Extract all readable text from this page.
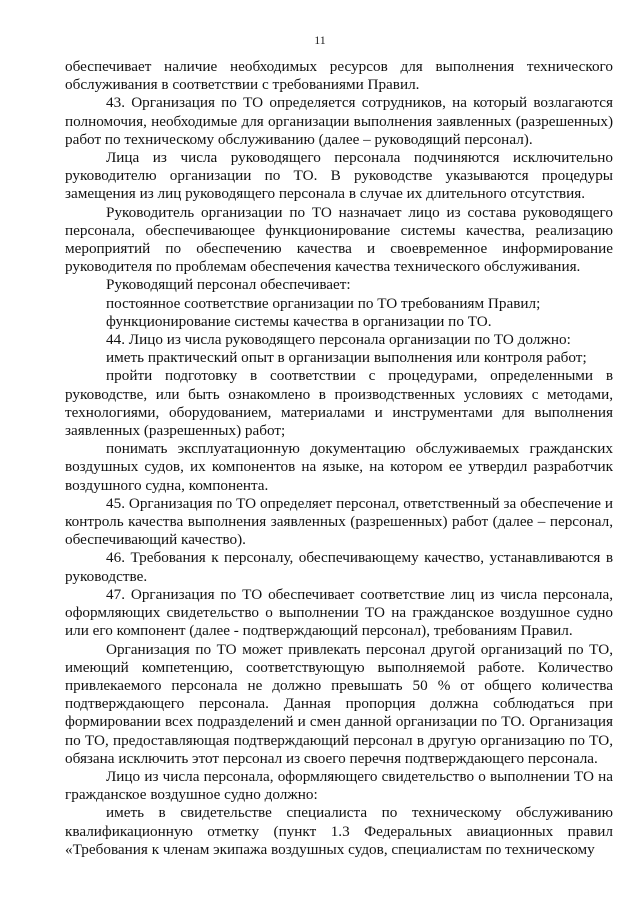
11

обеспечивает наличие необходимых ресурсов для выполнения технического обслуживания в соответствии с требованиями Правил.

43. Организация по ТО определяется сотрудников, на который возлагаются полномочия, необходимые для организации выполнения заявленных (разрешенных) работ по техническому обслуживанию (далее – руководящий персонал).

Лица из числа руководящего персонала подчиняются исключительно руководителю организации по ТО. В руководстве указываются процедуры замещения из лиц руководящего персонала в случае их длительного отсутствия.

Руководитель организации по ТО назначает лицо из состава руководящего персонала, обеспечивающее функционирование системы качества, реализацию мероприятий по обеспечению качества и своевременное информирование руководителя по проблемам обеспечения качества технического обслуживания.

Руководящий персонал обеспечивает:

постоянное соответствие организации по ТО требованиям Правил;

функционирование системы качества в организации по ТО.

44. Лицо из числа руководящего персонала организации по ТО должно:

иметь практический опыт в организации выполнения или контроля работ;

пройти подготовку в соответствии с процедурами, определенными в руководстве, или быть ознакомлено в производственных условиях с методами, технологиями, оборудованием, материалами и инструментами для выполнения заявленных (разрешенных) работ;

понимать эксплуатационную документацию обслуживаемых гражданских воздушных судов, их компонентов на языке, на котором ее утвердил разработчик воздушного судна, компонента.

45. Организация по ТО определяет персонал, ответственный за обеспечение и контроль качества выполнения заявленных (разрешенных) работ (далее – персонал, обеспечивающий качество).

46. Требования к персоналу, обеспечивающему качество, устанавливаются в руководстве.

47. Организация по ТО обеспечивает соответствие лиц из числа персонала, оформляющих свидетельство о выполнении ТО на гражданское воздушное судно или его компонент (далее - подтверждающий персонал), требованиям Правил.

Организация по ТО может привлекать персонал другой организаций по ТО, имеющий компетенцию, соответствующую выполняемой работе. Количество привлекаемого персонала не должно превышать 50 % от общего количества подтверждающего персонала. Данная пропорция должна соблюдаться при формировании всех подразделений и смен данной организации по ТО. Организация по ТО, предоставляющая подтверждающий персонал в другую организацию по ТО, обязана исключить этот персонал из своего перечня подтверждающего персонала.

Лицо из числа персонала, оформляющего свидетельство о выполнении ТО на гражданское воздушное судно должно:

иметь в свидетельстве специалиста по техническому обслуживанию квалификационную отметку (пункт 1.3 Федеральных авиационных правил «Требования к членам экипажа воздушных судов, специалистам по техническому
